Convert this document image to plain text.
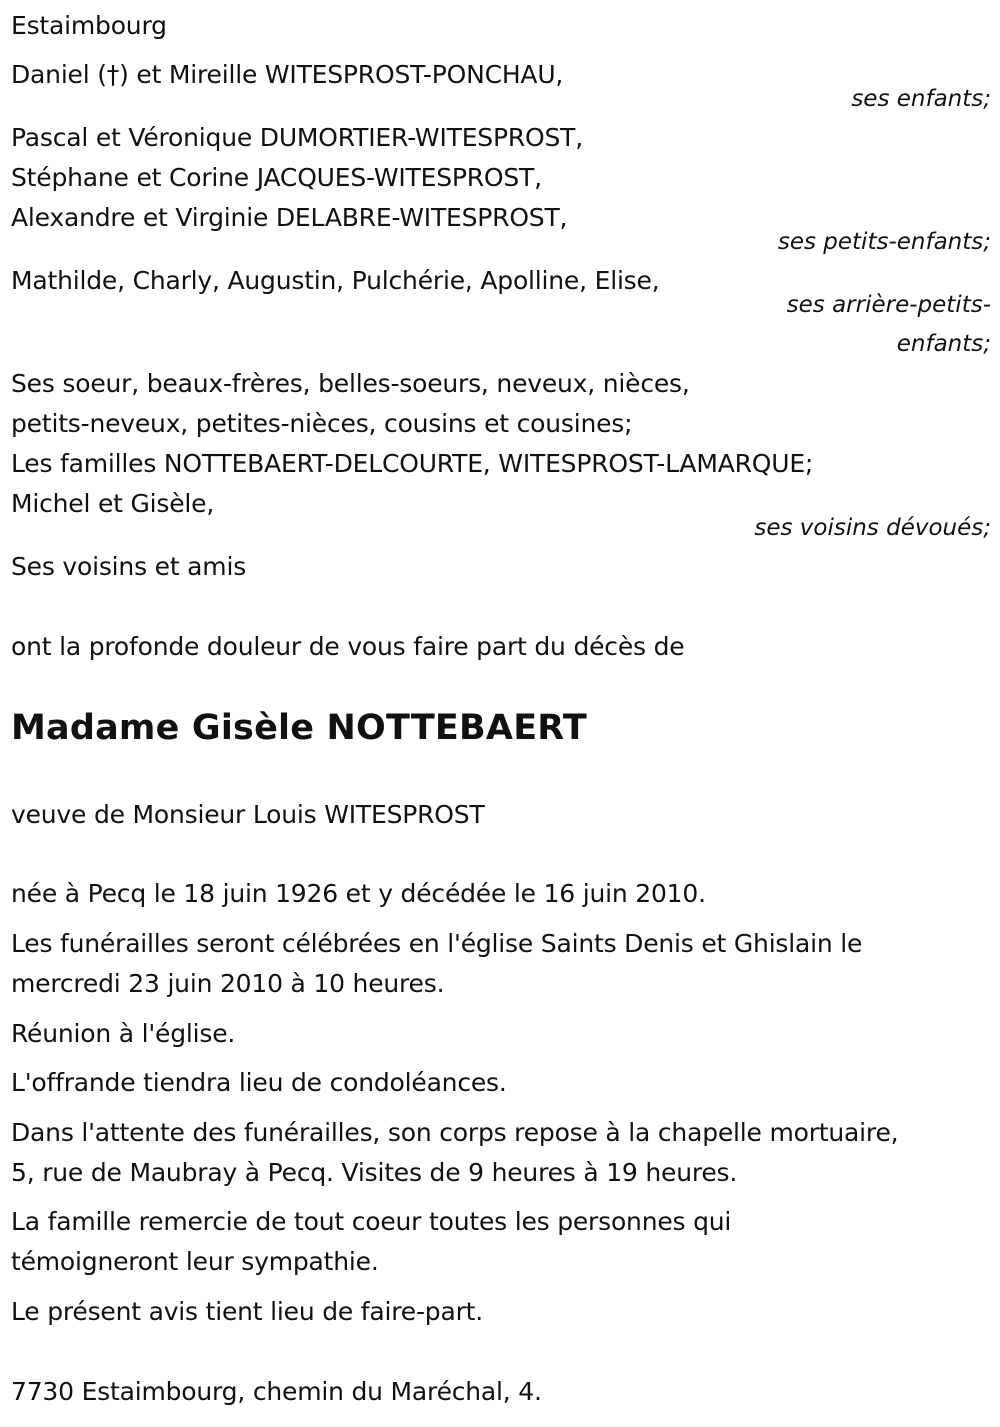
Estaimbourg
Daniel (†) et Mireille WITESPROST-PONCHAU,
ses enfants;
Pascal et Véronique DUMORTIER-WITESPROST,
Stéphane et Corine JACQUES-WITESPROST,
Alexandre et Virginie DELABRE-WITESPROST,
ses petits-enfants;
Mathilde, Charly, Augustin, Pulchérie, Apolline, Elise,
ses arrière-petits-
enfants;
Ses soeur, beaux-frères, belles-soeurs, neveux, nièces,
petits-neveux, petites-nièces, cousins et cousines;
Les familles NOTTEBAERT-DELCOURTE, WITESPROST-LAMARQUE;
Michel et Gisèle,
ses voisins dévoués;
Ses voisins et amis
ont la profonde douleur de vous faire part du décès de
Madame Gisèle NOTTEBAERT
veuve de Monsieur Louis WITESPROST
née à Pecq le 18 juin 1926 et y décédée le 16 juin 2010.
Les funérailles seront célébrées en l'église Saints Denis et Ghislain le
mercredi 23 juin 2010 à 10 heures.
Réunion à l'église.
L'offrande tiendra lieu de condoléances.
Dans l'attente des funérailles, son corps repose à la chapelle mortuaire,
5, rue de Maubray à Pecq. Visites de 9 heures à 19 heures.
La famille remercie de tout coeur toutes les personnes qui
témoigneront leur sympathie.
Le présent avis tient lieu de faire-part.
7730 Estaimbourg, chemin du Maréchal, 4.
